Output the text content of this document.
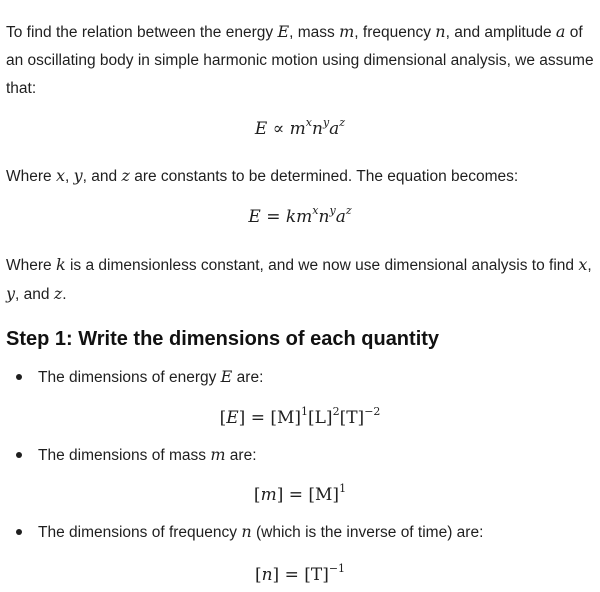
To find the relation between the energy E, mass m, frequency n, and amplitude a of an oscillating body in simple harmonic motion using dimensional analysis, we assume that:

$E \propto m^xn^ya^z$

Where x, y, and z are constants to be determined. The equation becomes:

$E = km^xn^ya^z$

Where k is a dimensionless constant, and we now use dimensional analysis to find x, y, and z.

Step 1: Write the dimensions of each quantity
The dimensions of energy E are:
$[E] = [M]^1[L]^2[T]^{-2}$
The dimensions of mass m are:
$[m] = [M]^1$
The dimensions of frequency n (which is the inverse of time) are:
$[n] = [T]^{-1}$
